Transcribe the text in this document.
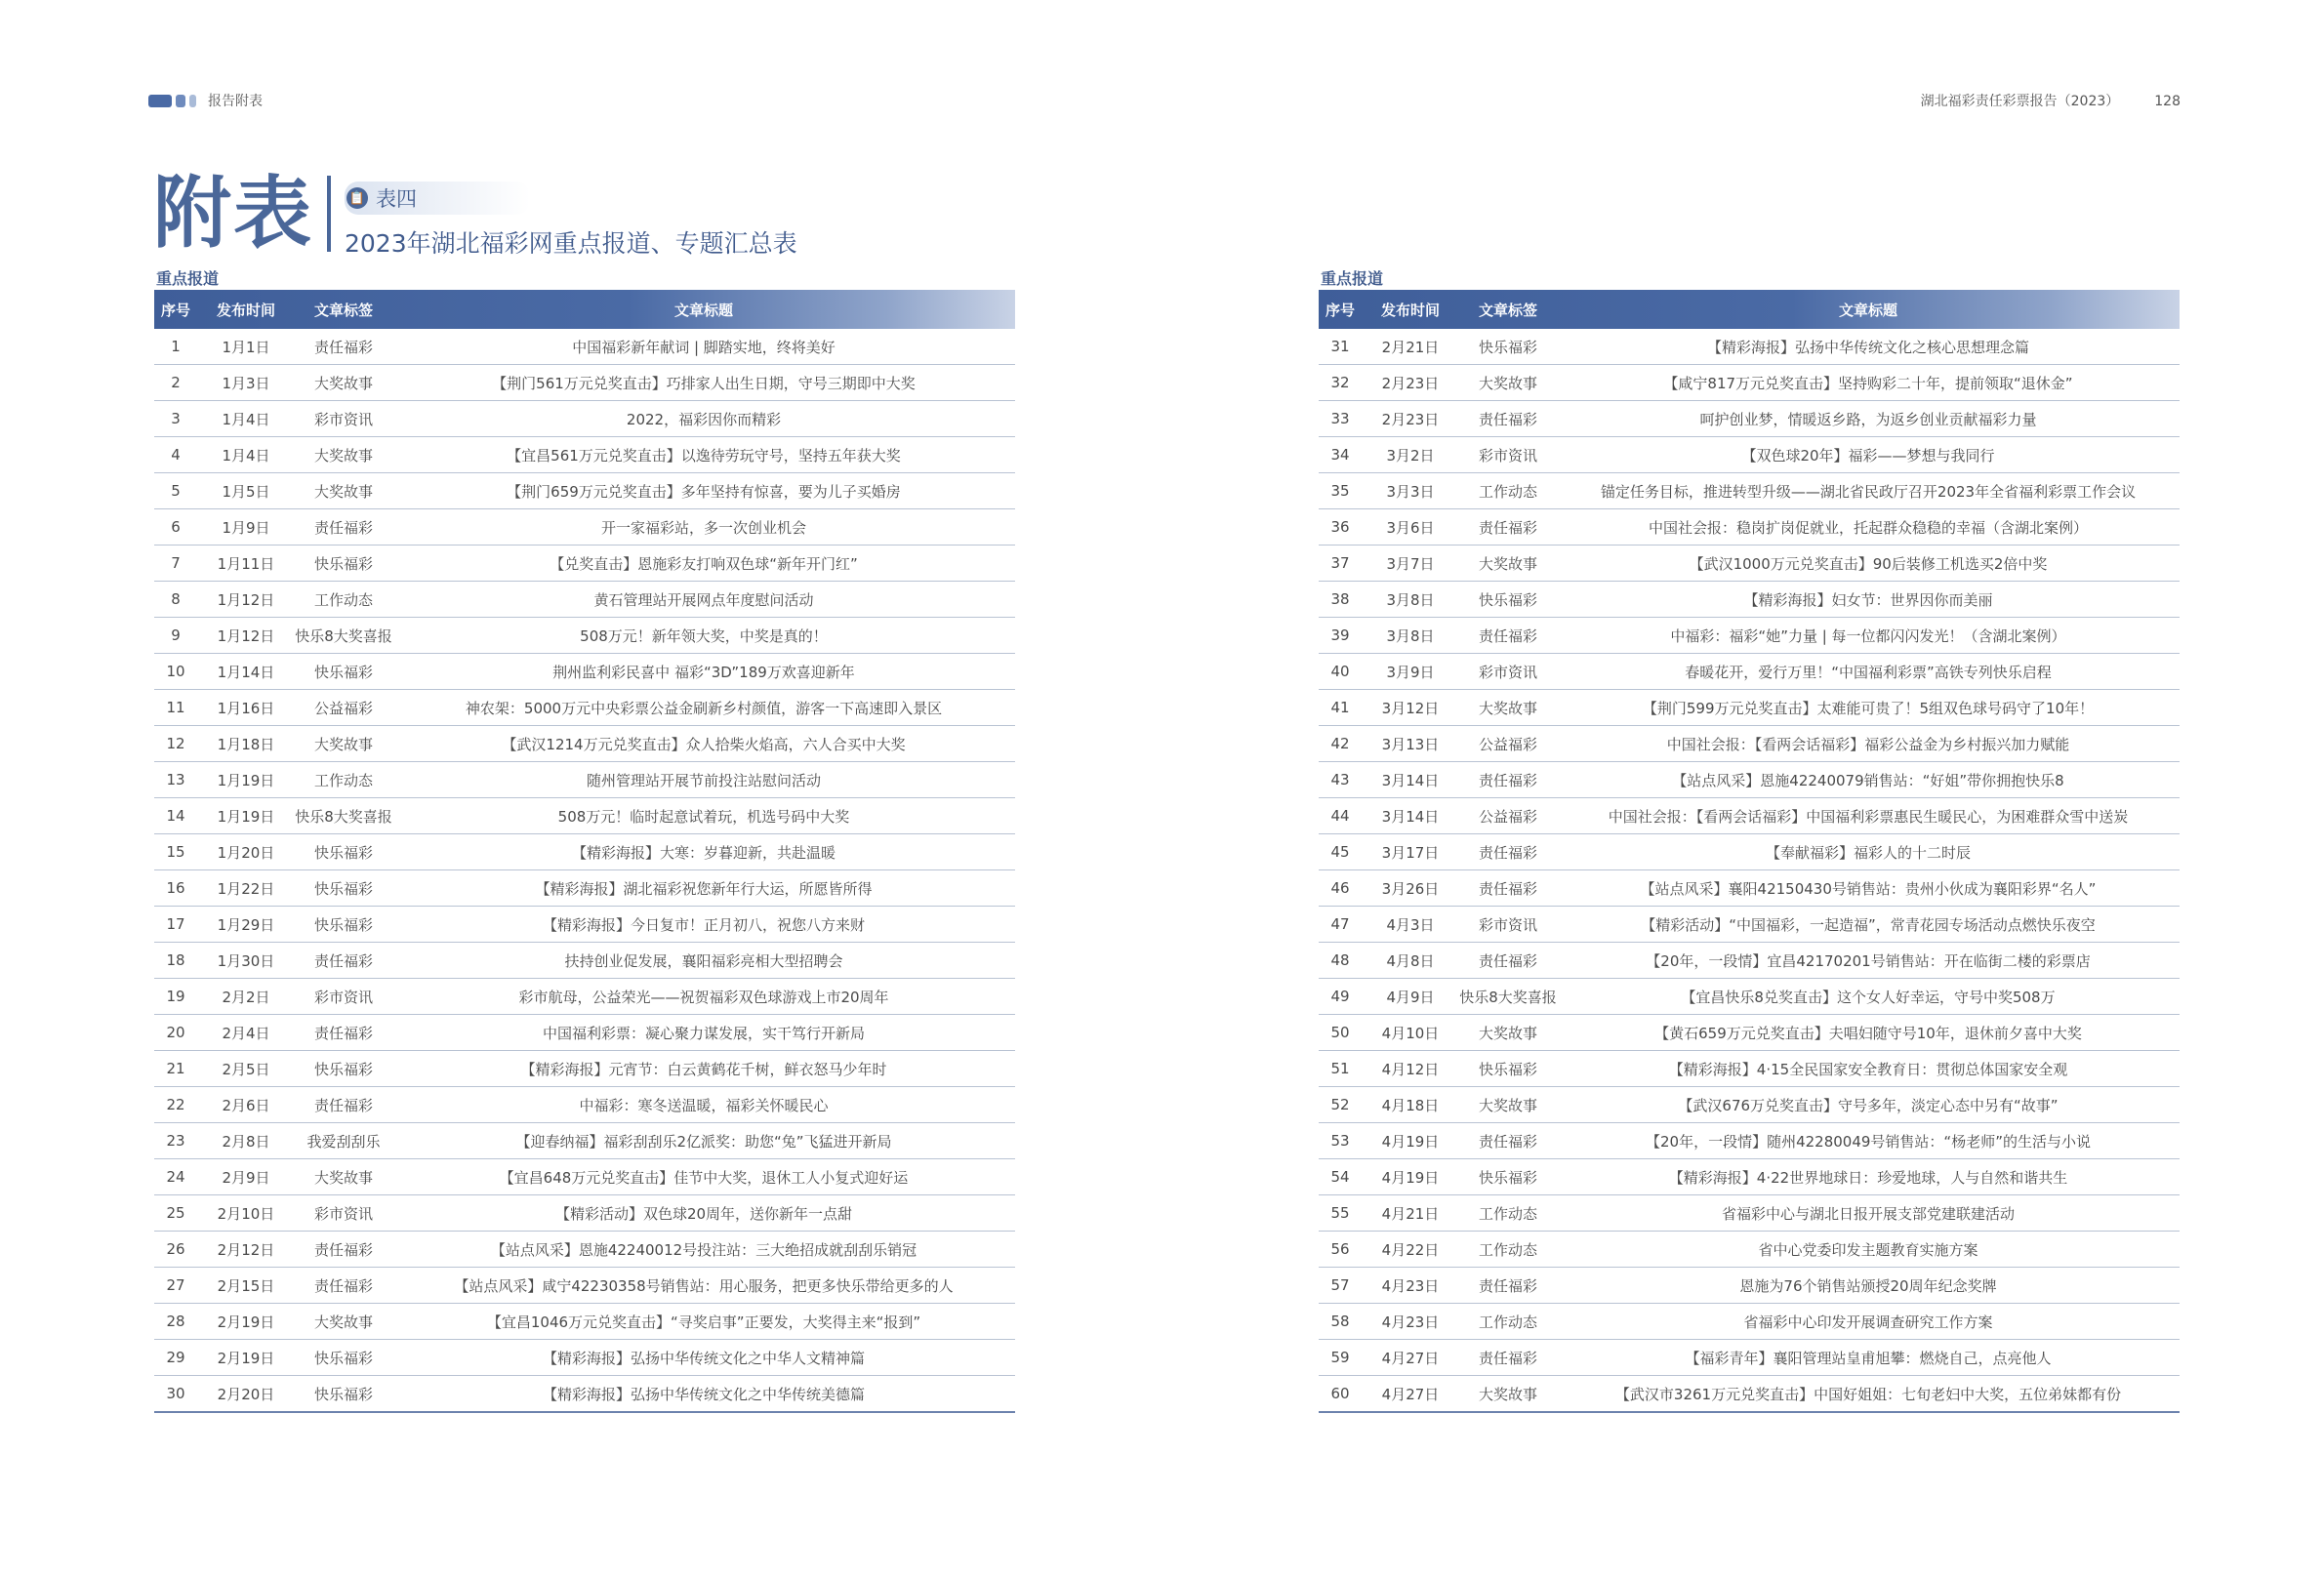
报告附表	湖北福彩责任彩票报告（2023）	128
附表	📋 表四
2023年湖北福彩网重点报道、专题汇总表
重点报道
序号	发布时间	文章标签	文章标题
1	1月1日	责任福彩	中国福彩新年献词 | 脚踏实地，终将美好
2	1月3日	大奖故事	【荆门561万元兑奖直击】巧排家人出生日期，守号三期即中大奖
3	1月4日	彩市资讯	2022，福彩因你而精彩
4	1月4日	大奖故事	【宜昌561万元兑奖直击】以逸待劳玩守号，坚持五年获大奖
5	1月5日	大奖故事	【荆门659万元兑奖直击】多年坚持有惊喜，要为儿子买婚房
6	1月9日	责任福彩	开一家福彩站，多一次创业机会
7	1月11日	快乐福彩	【兑奖直击】恩施彩友打响双色球“新年开门红”
8	1月12日	工作动态	黄石管理站开展网点年度慰问活动
9	1月12日	快乐8大奖喜报	508万元！新年领大奖，中奖是真的！
10	1月14日	快乐福彩	荆州监利彩民喜中 福彩“3D”189万欢喜迎新年
11	1月16日	公益福彩	神农架：5000万元中央彩票公益金刷新乡村颜值，游客一下高速即入景区
12	1月18日	大奖故事	【武汉1214万元兑奖直击】众人拾柴火焰高，六人合买中大奖
13	1月19日	工作动态	随州管理站开展节前投注站慰问活动
14	1月19日	快乐8大奖喜报	508万元！临时起意试着玩，机选号码中大奖
15	1月20日	快乐福彩	【精彩海报】大寒：岁暮迎新，共赴温暖
16	1月22日	快乐福彩	【精彩海报】湖北福彩祝您新年行大运，所愿皆所得
17	1月29日	快乐福彩	【精彩海报】今日复市！正月初八，祝您八方来财
18	1月30日	责任福彩	扶持创业促发展，襄阳福彩亮相大型招聘会
19	2月2日	彩市资讯	彩市航母，公益荣光——祝贺福彩双色球游戏上市20周年
20	2月4日	责任福彩	中国福利彩票：凝心聚力谋发展，实干笃行开新局
21	2月5日	快乐福彩	【精彩海报】元宵节：白云黄鹤花千树，鲜衣怒马少年时
22	2月6日	责任福彩	中福彩：寒冬送温暖，福彩关怀暖民心
23	2月8日	我爱刮刮乐	【迎春纳福】福彩刮刮乐2亿派奖：助您“兔”飞猛进开新局
24	2月9日	大奖故事	【宜昌648万元兑奖直击】佳节中大奖，退休工人小复式迎好运
25	2月10日	彩市资讯	【精彩活动】双色球20周年，送你新年一点甜
26	2月12日	责任福彩	【站点风采】恩施42240012号投注站：三大绝招成就刮刮乐销冠
27	2月15日	责任福彩	【站点风采】咸宁42230358号销售站：用心服务，把更多快乐带给更多的人
28	2月19日	大奖故事	【宜昌1046万元兑奖直击】“寻奖启事”正要发，大奖得主来“报到”
29	2月19日	快乐福彩	【精彩海报】弘扬中华传统文化之中华人文精神篇
30	2月20日	快乐福彩	【精彩海报】弘扬中华传统文化之中华传统美德篇
重点报道
序号	发布时间	文章标签	文章标题
31	2月21日	快乐福彩	【精彩海报】弘扬中华传统文化之核心思想理念篇
32	2月23日	大奖故事	【咸宁817万元兑奖直击】坚持购彩二十年，提前领取“退休金”
33	2月23日	责任福彩	呵护创业梦，情暖返乡路，为返乡创业贡献福彩力量
34	3月2日	彩市资讯	【双色球20年】福彩——梦想与我同行
35	3月3日	工作动态	锚定任务目标，推进转型升级——湖北省民政厅召开2023年全省福利彩票工作会议
36	3月6日	责任福彩	中国社会报：稳岗扩岗促就业，托起群众稳稳的幸福（含湖北案例）
37	3月7日	大奖故事	【武汉1000万元兑奖直击】90后装修工机选买2倍中奖
38	3月8日	快乐福彩	【精彩海报】妇女节：世界因你而美丽
39	3月8日	责任福彩	中福彩：福彩“她”力量 | 每一位都闪闪发光！（含湖北案例）
40	3月9日	彩市资讯	春暖花开，爱行万里！“中国福利彩票”高铁专列快乐启程
41	3月12日	大奖故事	【荆门599万元兑奖直击】太难能可贵了！5组双色球号码守了10年！
42	3月13日	公益福彩	中国社会报：【看两会话福彩】福彩公益金为乡村振兴加力赋能
43	3月14日	责任福彩	【站点风采】恩施42240079销售站：“好姐”带你拥抱快乐8
44	3月14日	公益福彩	中国社会报：【看两会话福彩】中国福利彩票惠民生暖民心，为困难群众雪中送炭
45	3月17日	责任福彩	【奉献福彩】福彩人的十二时辰
46	3月26日	责任福彩	【站点风采】襄阳42150430号销售站：贵州小伙成为襄阳彩界“名人”
47	4月3日	彩市资讯	【精彩活动】“中国福彩，一起造福”，常青花园专场活动点燃快乐夜空
48	4月8日	责任福彩	【20年，一段情】宜昌42170201号销售站：开在临街二楼的彩票店
49	4月9日	快乐8大奖喜报	【宜昌快乐8兑奖直击】这个女人好幸运，守号中奖508万
50	4月10日	大奖故事	【黄石659万元兑奖直击】夫唱妇随守号10年，退休前夕喜中大奖
51	4月12日	快乐福彩	【精彩海报】4·15全民国家安全教育日：贯彻总体国家安全观
52	4月18日	大奖故事	【武汉676万兑奖直击】守号多年，淡定心态中另有“故事”
53	4月19日	责任福彩	【20年，一段情】随州42280049号销售站：“杨老师”的生活与小说
54	4月19日	快乐福彩	【精彩海报】4·22世界地球日：珍爱地球，人与自然和谐共生
55	4月21日	工作动态	省福彩中心与湖北日报开展支部党建联建活动
56	4月22日	工作动态	省中心党委印发主题教育实施方案
57	4月23日	责任福彩	恩施为76个销售站颁授20周年纪念奖牌
58	4月23日	工作动态	省福彩中心印发开展调查研究工作方案
59	4月27日	责任福彩	【福彩青年】襄阳管理站皇甫旭攀：燃烧自己，点亮他人
60	4月27日	大奖故事	【武汉市3261万元兑奖直击】中国好姐姐：七旬老妇中大奖，五位弟妹都有份
